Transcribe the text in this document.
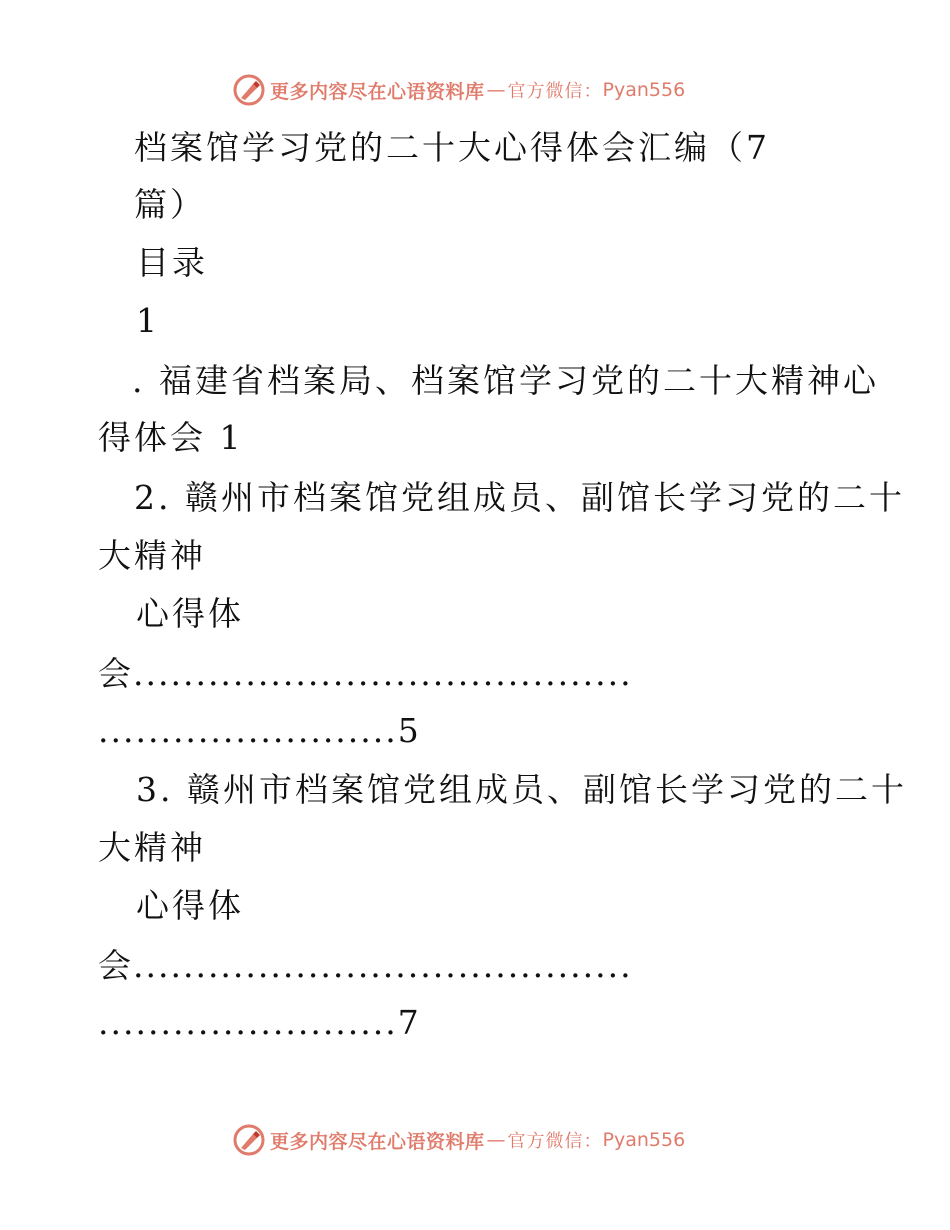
更多内容尽在心语资料库 — 官方微信： Pyan556
档案馆学习党的二十大心得体会汇编（7
篇）
目录
1
. 福建省档案局、档案馆学习党的二十大精神心
得体会 1
2. 赣州市档案馆党组成员、副馆长学习党的二十
大精神
心得体
会........................................
........................5
3. 赣州市档案馆党组成员、副馆长学习党的二十
大精神
心得体
会........................................
........................7
更多内容尽在心语资料库 — 官方微信： Pyan556
